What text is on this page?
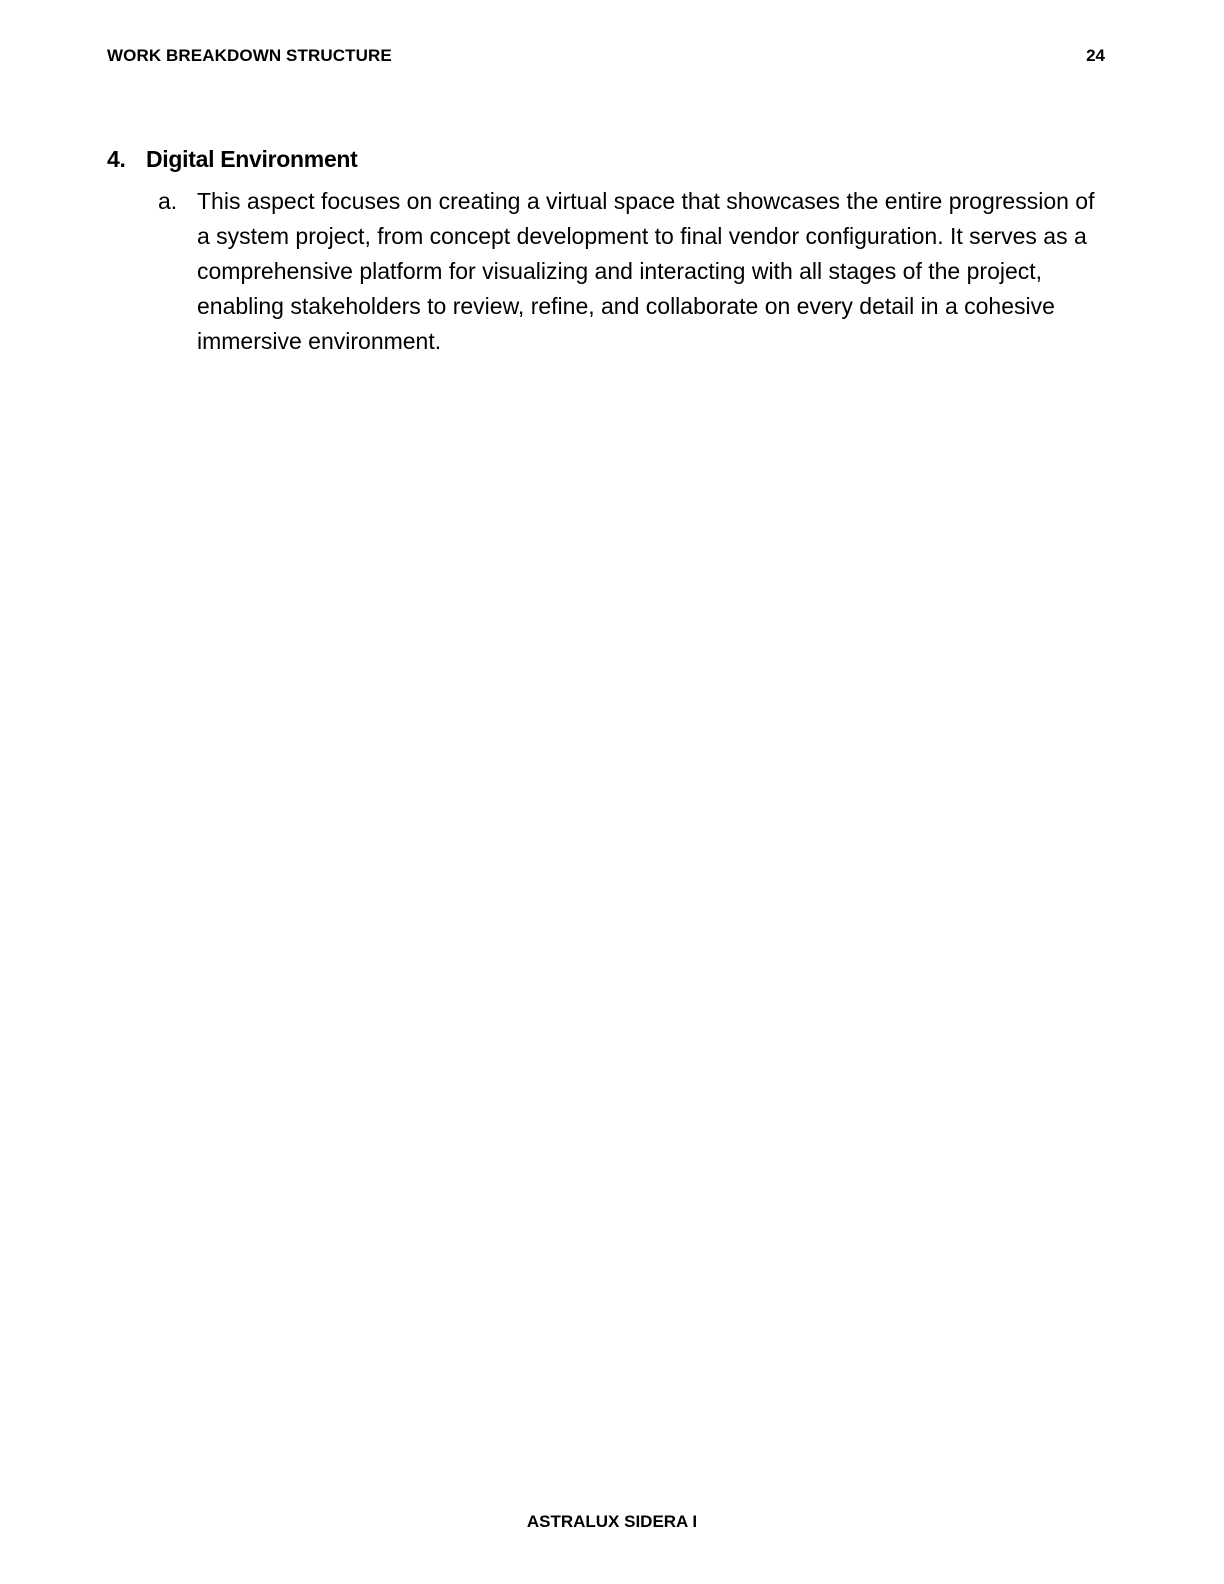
WORK BREAKDOWN STRUCTURE	24
4. Digital Environment
a. This aspect focuses on creating a virtual space that showcases the entire progression of a system project, from concept development to final vendor configuration. It serves as a comprehensive platform for visualizing and interacting with all stages of the project, enabling stakeholders to review, refine, and collaborate on every detail in a cohesive immersive environment.

ASTRALUX SIDERA I
